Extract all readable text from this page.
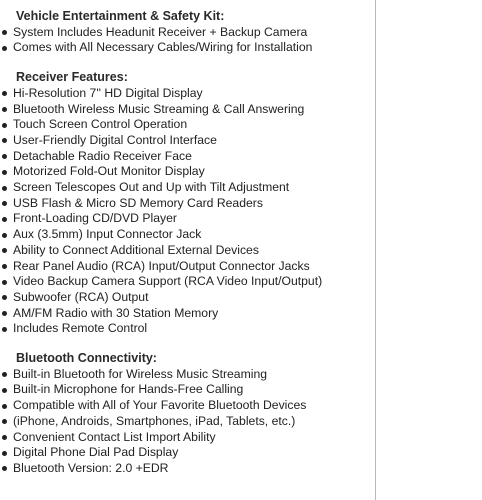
Vehicle Entertainment & Safety Kit:
System Includes Headunit Receiver + Backup Camera
Comes with All Necessary Cables/Wiring for Installation
Receiver Features:
Hi-Resolution 7'' HD Digital Display
Bluetooth Wireless Music Streaming & Call Answering
Touch Screen Control Operation
User-Friendly Digital Control Interface
Detachable Radio Receiver Face
Motorized Fold-Out Monitor Display
Screen Telescopes Out and Up with Tilt Adjustment
USB Flash & Micro SD Memory Card Readers
Front-Loading CD/DVD Player
Aux (3.5mm) Input Connector Jack
Ability to Connect Additional External Devices
Rear Panel Audio (RCA) Input/Output Connector Jacks
Video Backup Camera Support (RCA Video Input/Output)
Subwoofer (RCA) Output
AM/FM Radio with 30 Station Memory
Includes Remote Control
Bluetooth Connectivity:
Built-in Bluetooth for Wireless Music Streaming
Built-in Microphone for Hands-Free Calling
Compatible with All of Your Favorite Bluetooth Devices
(iPhone, Androids, Smartphones, iPad, Tablets, etc.)
Convenient Contact List Import Ability
Digital Phone Dial Pad Display
Bluetooth Version: 2.0 +EDR
